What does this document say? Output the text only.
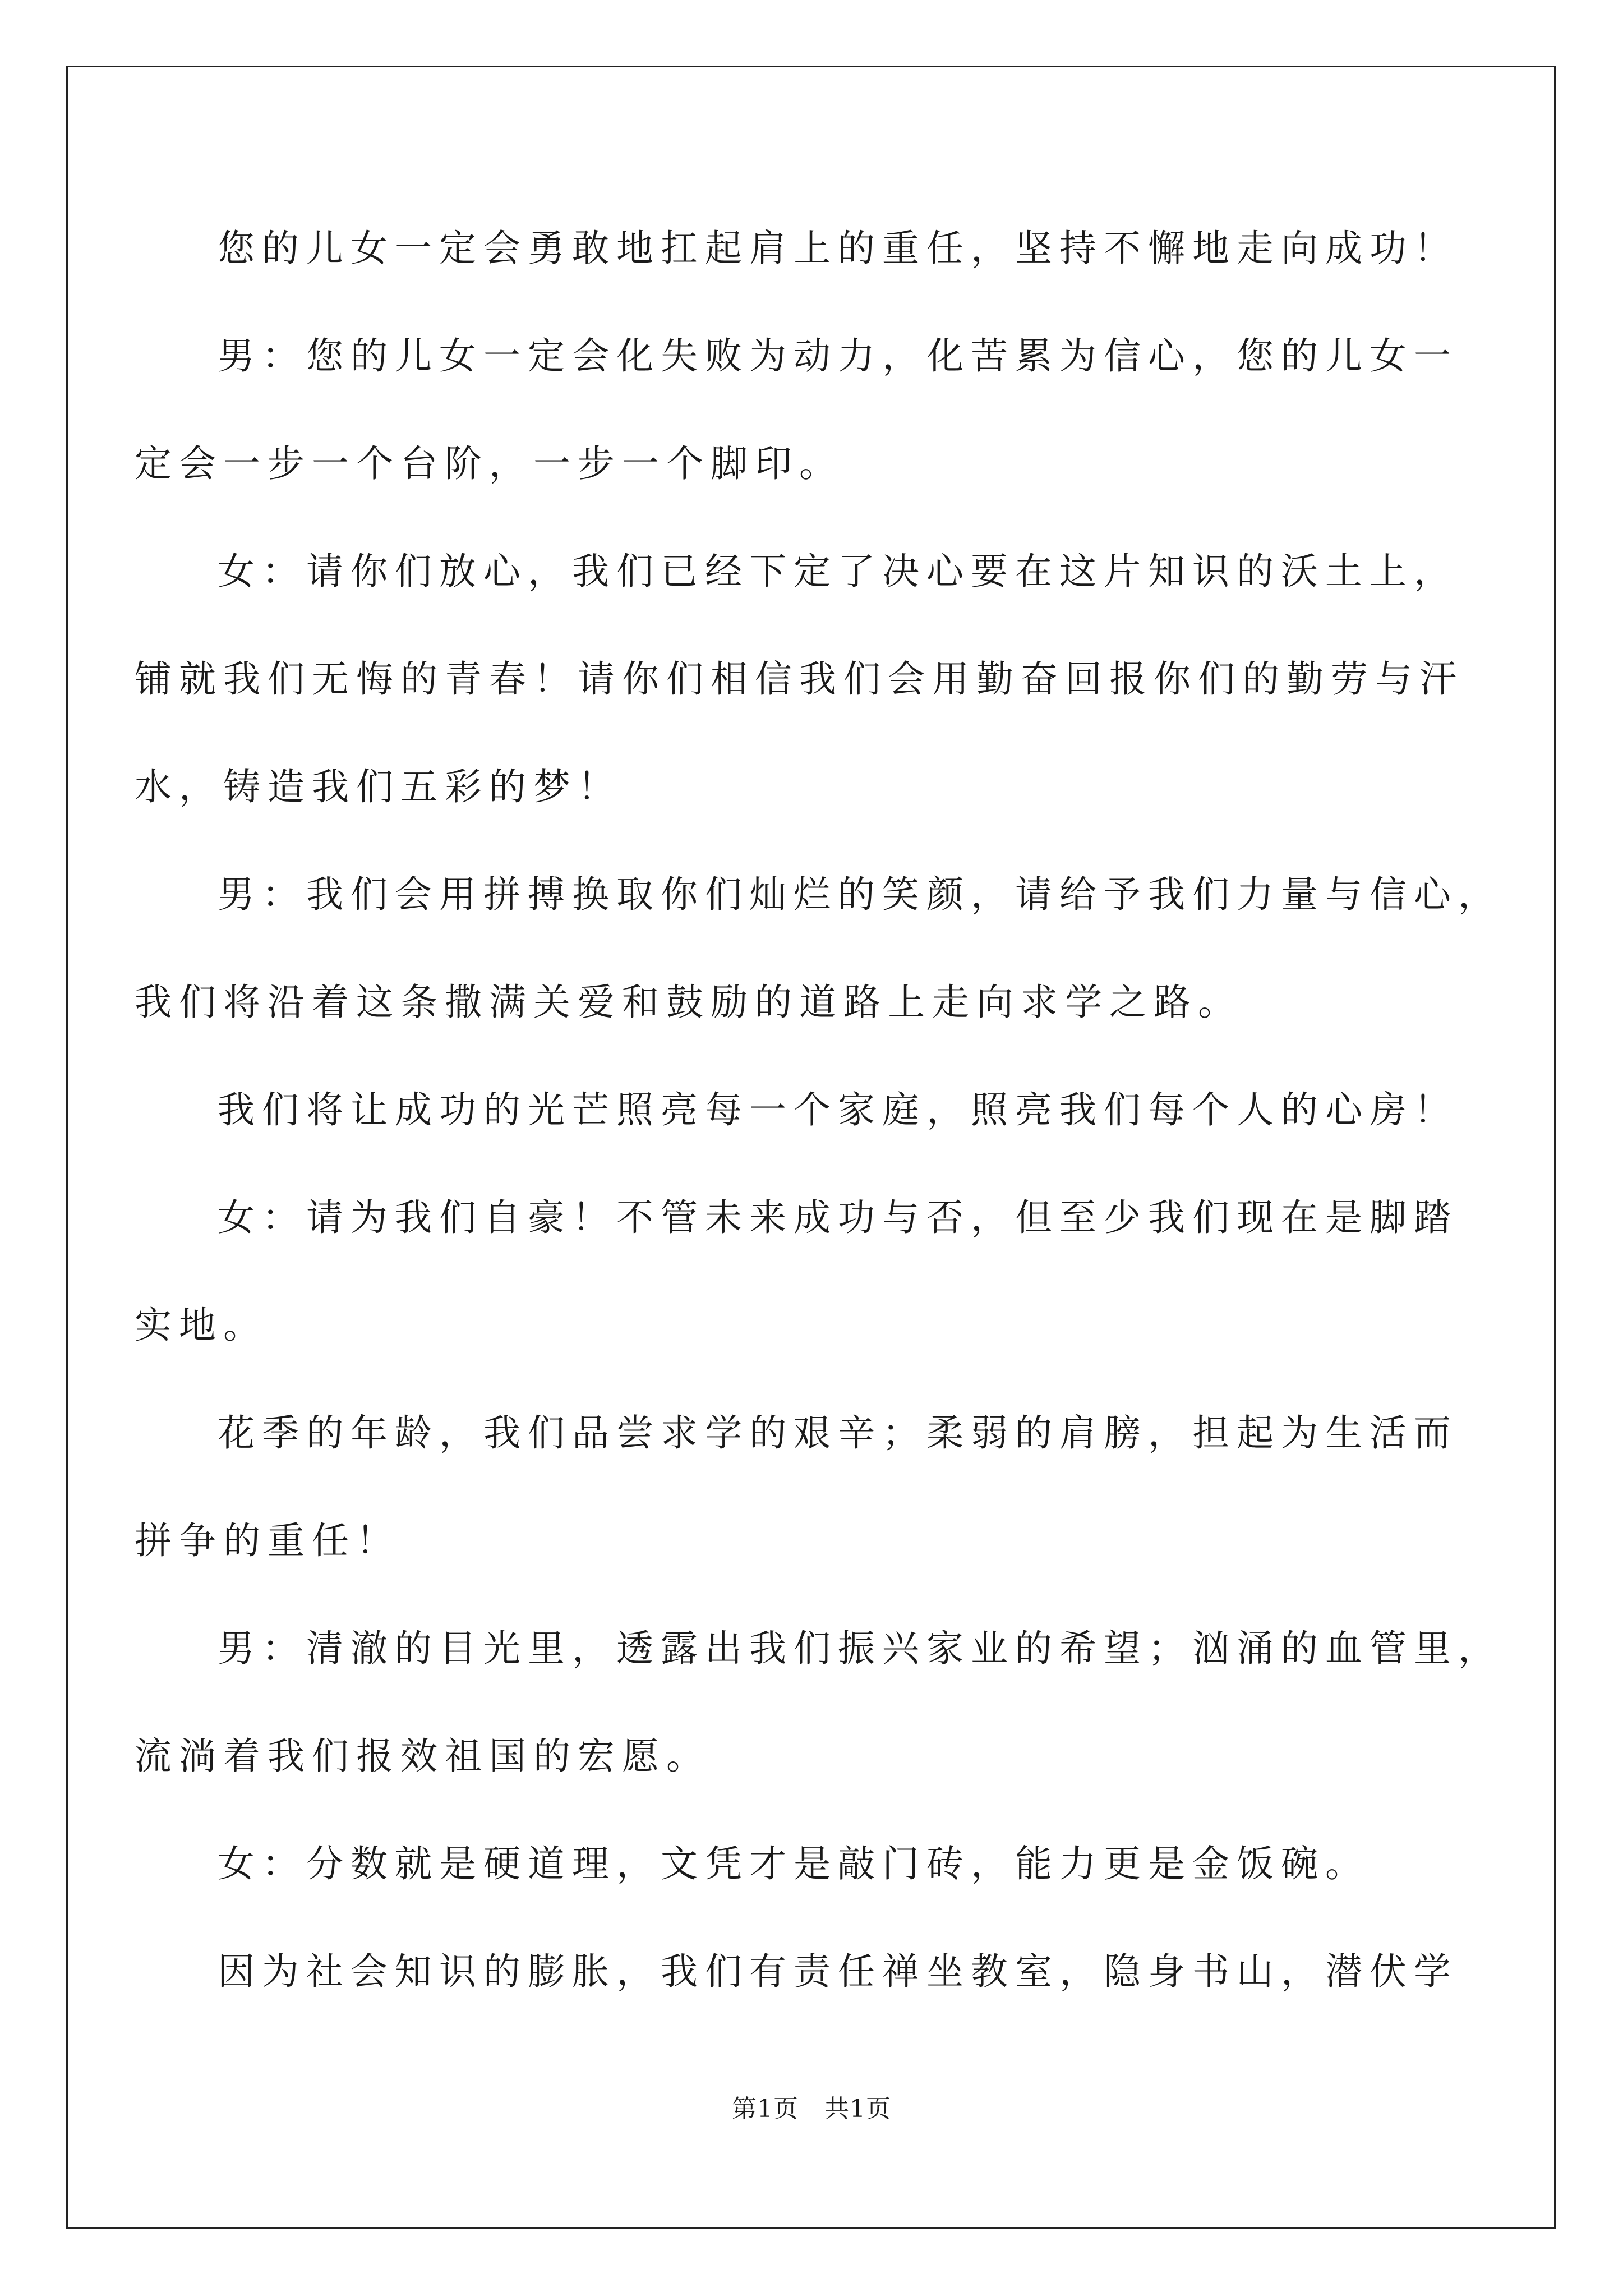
您的儿女一定会勇敢地扛起肩上的重任，坚持不懈地走向成功！
男：您的儿女一定会化失败为动力，化苦累为信心，您的儿女一
定会一步一个台阶，一步一个脚印。
女：请你们放心，我们已经下定了决心要在这片知识的沃土上，
铺就我们无悔的青春！请你们相信我们会用勤奋回报你们的勤劳与汗
水，铸造我们五彩的梦！
男：我们会用拼搏换取你们灿烂的笑颜，请给予我们力量与信心，
我们将沿着这条撒满关爱和鼓励的道路上走向求学之路。
我们将让成功的光芒照亮每一个家庭，照亮我们每个人的心房！
女：请为我们自豪！不管未来成功与否，但至少我们现在是脚踏
实地。
花季的年龄，我们品尝求学的艰辛；柔弱的肩膀，担起为生活而
拼争的重任！
男：清澈的目光里，透露出我们振兴家业的希望；汹涌的血管里，
流淌着我们报效祖国的宏愿。
女：分数就是硬道理，文凭才是敲门砖，能力更是金饭碗。
因为社会知识的膨胀，我们有责任禅坐教室，隐身书山，潜伏学
第1页 共1页
